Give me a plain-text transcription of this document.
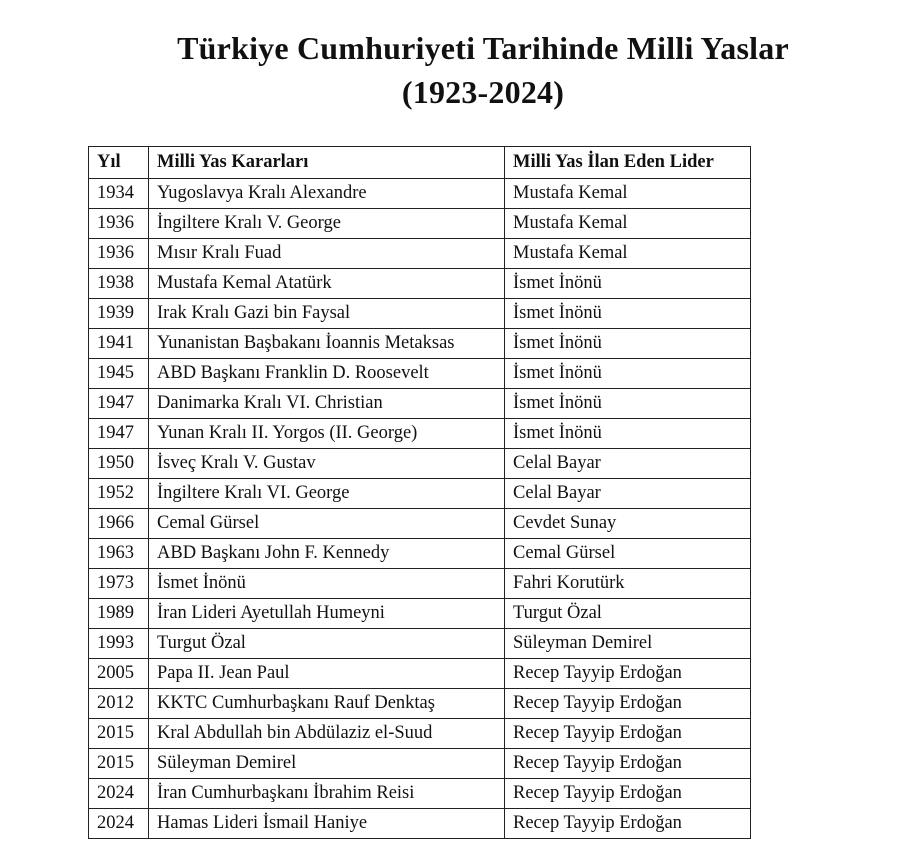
Türkiye Cumhuriyeti Tarihinde Milli Yaslar
(1923-2024)
Yıl	Milli Yas Kararları	Milli Yas İlan Eden Lider
1934	Yugoslavya Kralı Alexandre	Mustafa Kemal
1936	İngiltere Kralı V. George	Mustafa Kemal
1936	Mısır Kralı Fuad	Mustafa Kemal
1938	Mustafa Kemal Atatürk	İsmet İnönü
1939	Irak Kralı Gazi bin Faysal	İsmet İnönü
1941	Yunanistan Başbakanı İoannis Metaksas	İsmet İnönü
1945	ABD Başkanı Franklin D. Roosevelt	İsmet İnönü
1947	Danimarka Kralı VI. Christian	İsmet İnönü
1947	Yunan Kralı II. Yorgos (II. George)	İsmet İnönü
1950	İsveç Kralı V. Gustav	Celal Bayar
1952	İngiltere Kralı VI. George	Celal Bayar
1966	Cemal Gürsel	Cevdet Sunay
1963	ABD Başkanı John F. Kennedy	Cemal Gürsel
1973	İsmet İnönü	Fahri Korutürk
1989	İran Lideri Ayetullah Humeyni	Turgut Özal
1993	Turgut Özal	Süleyman Demirel
2005	Papa II. Jean Paul	Recep Tayyip Erdoğan
2012	KKTC Cumhurbaşkanı Rauf Denktaş	Recep Tayyip Erdoğan
2015	Kral Abdullah bin Abdülaziz el-Suud	Recep Tayyip Erdoğan
2015	Süleyman Demirel	Recep Tayyip Erdoğan
2024	İran Cumhurbaşkanı İbrahim Reisi	Recep Tayyip Erdoğan
2024	Hamas Lideri İsmail Haniye	Recep Tayyip Erdoğan
